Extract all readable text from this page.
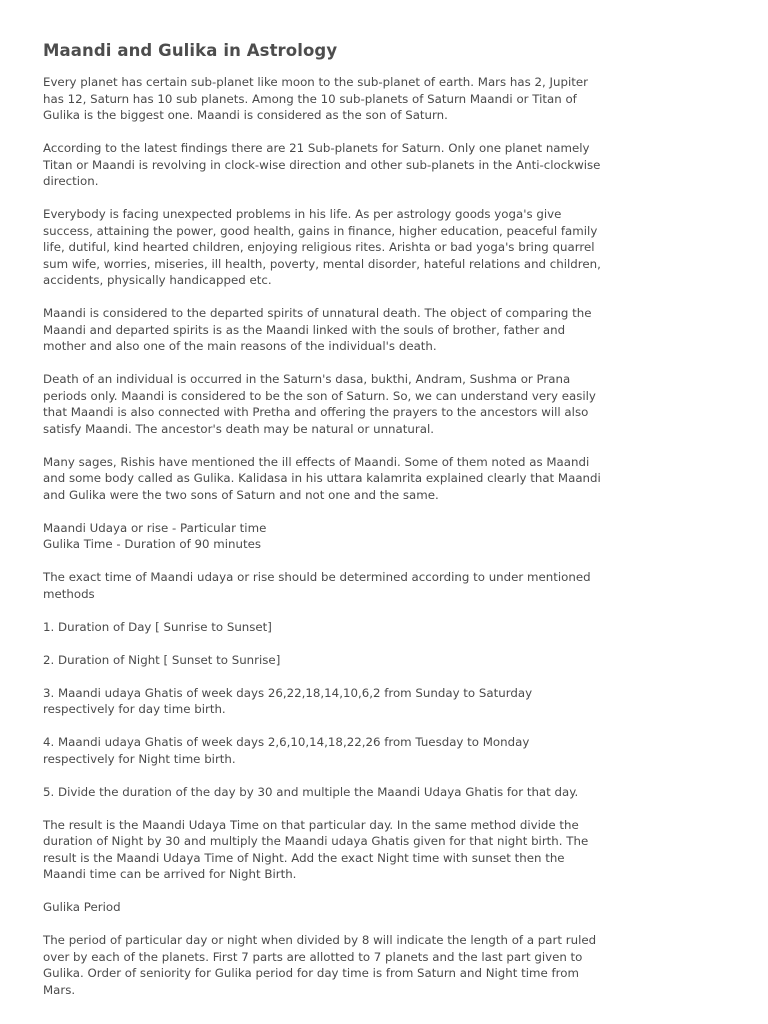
Maandi and Gulika in Astrology

Every planet has certain sub-planet like moon to the sub-planet of earth. Mars has 2, Jupiter has 12, Saturn has 10 sub planets. Among the 10 sub-planets of Saturn Maandi or Titan of Gulika is the biggest one. Maandi is considered as the son of Saturn.

According to the latest findings there are 21 Sub-planets for Saturn. Only one planet namely Titan or Maandi is revolving in clock-wise direction and other sub-planets in the Anti-clockwise direction.

Everybody is facing unexpected problems in his life. As per astrology goods yoga's give success, attaining the power, good health, gains in finance, higher education, peaceful family life, dutiful, kind hearted children, enjoying religious rites. Arishta or bad yoga's bring quarrel sum wife, worries, miseries, ill health, poverty, mental disorder, hateful relations and children, accidents, physically handicapped etc.

Maandi is considered to the departed spirits of unnatural death. The object of comparing the Maandi and departed spirits is as the Maandi linked with the souls of brother, father and mother and also one of the main reasons of the individual's death.

Death of an individual is occurred in the Saturn's dasa, bukthi, Andram, Sushma or Prana periods only. Maandi is considered to be the son of Saturn. So, we can understand very easily that Maandi is also connected with Pretha and offering the prayers to the ancestors will also satisfy Maandi. The ancestor's death may be natural or unnatural.

Many sages, Rishis have mentioned the ill effects of Maandi. Some of them noted as Maandi and some body called as Gulika. Kalidasa in his uttara kalamrita explained clearly that Maandi and Gulika were the two sons of Saturn and not one and the same.

Maandi Udaya or rise - Particular time

Gulika Time - Duration of 90 minutes

The exact time of Maandi udaya or rise should be determined according to under mentioned methods

1. Duration of Day [ Sunrise to Sunset]

2. Duration of Night [ Sunset to Sunrise]

3. Maandi udaya Ghatis of week days 26,22,18,14,10,6,2 from Sunday to Saturday respectively for day time birth.

4. Maandi udaya Ghatis of week days 2,6,10,14,18,22,26 from Tuesday to Monday respectively for Night time birth.

5. Divide the duration of the day by 30 and multiple the Maandi Udaya Ghatis for that day.

The result is the Maandi Udaya Time on that particular day. In the same method divide the duration of Night by 30 and multiply the Maandi udaya Ghatis given for that night birth. The result is the Maandi Udaya Time of Night. Add the exact Night time with sunset then the Maandi time can be arrived for Night Birth.

Gulika Period

The period of particular day or night when divided by 8 will indicate the length of a part ruled over by each of the planets. First 7 parts are allotted to 7 planets and the last part given to Gulika. Order of seniority for Gulika period for day time is from Saturn and Night time from Mars.
